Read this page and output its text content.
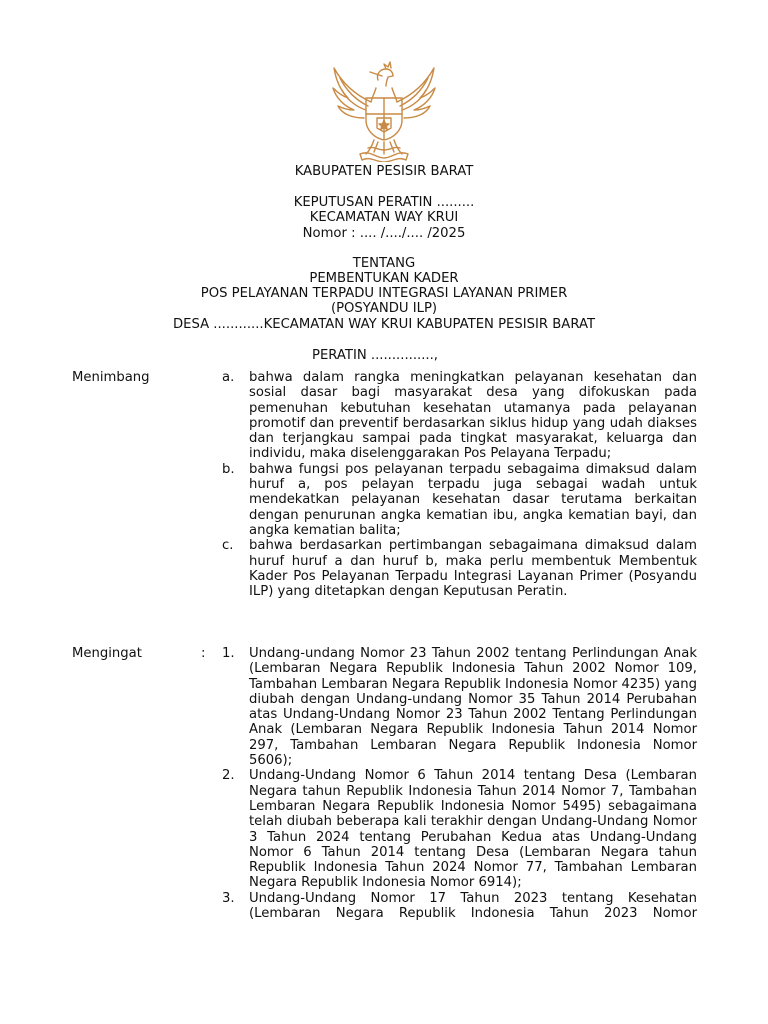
KABUPATEN PESISIR BARAT
KEPUTUSAN PERATIN .........
KECAMATAN WAY KRUI
Nomor : .... /..../.... /2025
TENTANG
PEMBENTUKAN KADER
POS PELAYANAN TERPADU INTEGRASI LAYANAN PRIMER
(POSYANDU ILP)
DESA ............KECAMATAN WAY KRUI KABUPATEN PESISIR BARAT
PERATIN ...............,
Menimbang	a. bahwa dalam rangka meningkatkan pelayanan kesehatan dan sosial dasar bagi masyarakat desa yang difokuskan pada pemenuhan kebutuhan kesehatan utamanya pada pelayanan promotif dan preventif berdasarkan siklus hidup yang udah diakses dan terjangkau sampai pada tingkat masyarakat, keluarga dan individu, maka diselenggarakan Pos Pelayana Terpadu;
b. bahwa fungsi pos pelayanan terpadu sebagaima dimaksud dalam huruf a, pos pelayan terpadu juga sebagai wadah untuk mendekatkan pelayanan kesehatan dasar terutama berkaitan dengan penurunan angka kematian ibu, angka kematian bayi, dan angka kematian balita;
c. bahwa berdasarkan pertimbangan sebagaimana dimaksud dalam huruf huruf a dan huruf b, maka perlu membentuk Membentuk Kader Pos Pelayanan Terpadu Integrasi Layanan Primer (Posyandu ILP) yang ditetapkan dengan Keputusan Peratin.
Mengingat	: 1. Undang-undang Nomor 23 Tahun 2002 tentang Perlindungan Anak (Lembaran Negara Republik Indonesia Tahun 2002 Nomor 109, Tambahan Lembaran Negara Republik Indonesia Nomor 4235) yang diubah dengan Undang-undang Nomor 35 Tahun 2014 Perubahan atas Undang-Undang Nomor 23 Tahun 2002 Tentang Perlindungan Anak (Lembaran Negara Republik Indonesia Tahun 2014 Nomor 297, Tambahan Lembaran Negara Republik Indonesia Nomor 5606);
2. Undang-Undang Nomor 6 Tahun 2014 tentang Desa (Lembaran Negara tahun Republik Indonesia Tahun 2014 Nomor 7, Tambahan Lembaran Negara Republik Indonesia Nomor 5495) sebagaimana telah diubah beberapa kali terakhir dengan Undang-Undang Nomor 3 Tahun 2024 tentang Perubahan Kedua atas Undang-Undang Nomor 6 Tahun 2014 tentang Desa (Lembaran Negara tahun Republik Indonesia Tahun 2024 Nomor 77, Tambahan Lembaran Negara Republik Indonesia Nomor 6914);
3. Undang-Undang Nomor 17 Tahun 2023 tentang Kesehatan (Lembaran Negara Republik Indonesia Tahun 2023 Nomor
